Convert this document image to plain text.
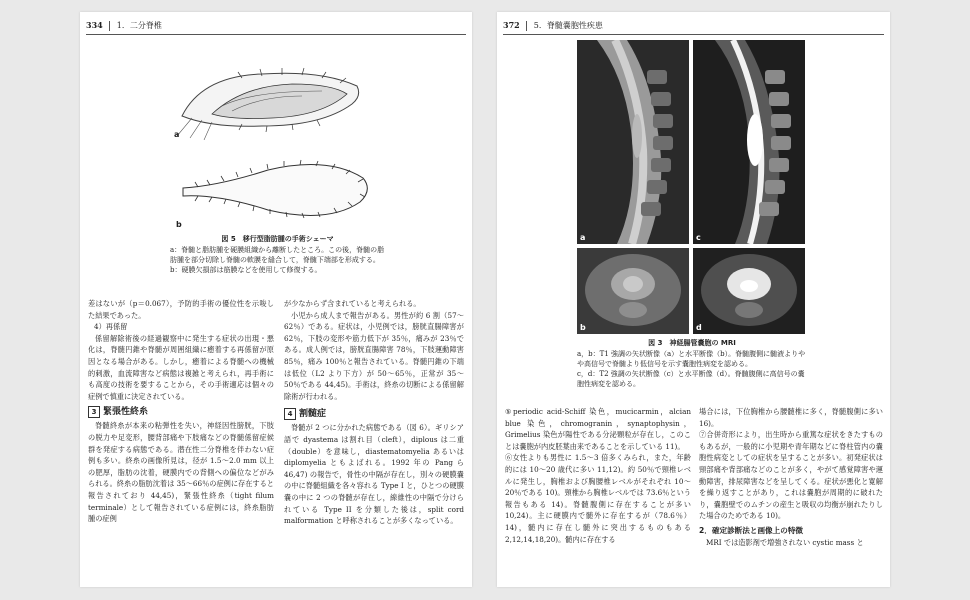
334 1．二分脊椎
a
b
図 5　移行型脂肪腫の手術シェーマ
a：脊髄と脂肪腫を硬膜組織から離断したところ。この後，脊髄の脂肪腫を部分切除し脊髄の軟膜を縫合して，脊髄下端部を形成する。
b：硬膜欠損部は筋膜などを使用して修復する。

差はないが（p＝0.067），予防的手術の優位性を示唆した結果であった。

4）再係留

係留解除術後の経過観察中に発生する症状の出現・悪化は，脊髄円錐や脊髄が周囲組織に癒着する再係留が原因となる場合がある。しかし，癒着による脊髄への機械的刺激，血流障害など病態は複雑と考えられ，再手術にも高度の技術を要することから，その手術適応は個々の症例で慎重に決定されている。

3 緊張性終糸

脊髄終糸が本来の粘弾性を失い，神経因性膀胱，下肢の脱力や足変形，腰背部痛や下肢痛などの脊髄係留症候群を発症する病態である。潜在性二分脊椎を伴わない症例も多い。終糸の画像所見は，径が 1.5〜2.0 mm 以上の肥厚，脂肪の沈着，硬膜内での背側への偏位などがみられる。終糸の脂肪沈着は 35〜66％の症例に存在すると報告されており 44,45)，緊張性終糸（tight filum terminale）として報告されている症例には，終糸脂肪腫の症例

が少なからず含まれていると考えられる。

小児から成人まで報告がある。男性が約 6 割（57〜62％）である。症状は，小児例では，膀胱直腸障害が 62％，下肢の変形や筋力低下が 35％，痛みが 23％である。成人例では，膀胱直腸障害 78％，下肢運動障害 85％，痛み 100％と報告されている。脊髄円錐の下端は低位（L2 より下方）が 50〜65％，正常が 35〜50％である 44,45)。手術は，終糸の切断による係留解除術が行われる。

4 割髄症

脊髄が 2 つに分かれた病態である（図 6）。ギリシア語で dyastema は割れ目（cleft），diplous は二重（double）を意味し，diastematomyelia あるいは diplomyelia ともよばれる。1992 年の Pang ら 46,47) の報告で，骨性の中隔が存在し，別々の硬膜嚢の中に脊髄組織を各々容れる Type I と，ひとつの硬膜嚢の中に 2 つの脊髄が存在し，線維性の中隔で分けられている Type II を分類した後は，split cord malformation と呼称されることが多くなっている。

372 5．脊髄嚢胞性疾患
a	c
b	d
図 3　神経腸管嚢胞の MRI
a，b：T1 強調の矢状断像（a）と水平断像（b）。脊髄腹側に髄液よりやや高信号で脊髄より低信号を示す嚢胞性病変を認める。
c，d：T2 強調の矢状断像（c）と水平断像（d）。脊髄腹側に高信号の嚢胞性病変を認める。

⑤periodic acid-Schiff 染色，mucicarmin，alcian blue 染色，chromogranin，synaptophysin，Grimelius 染色が陽性である分泌顆粒が存在し，このことは嚢胞が内皮胚葉由来であることを示している 11)。

⑥女性よりも男性に 1.5〜3 倍多くみられ，また，年齢的には 10〜20 歳代に多い 11,12)。約 50％で頸椎レベルに発生し，胸椎および胸腰椎レベルがそれぞれ 10〜20％である 10)。頸椎から胸椎レベルでは 73.6％という報告もある 14)。脊髄腹側に存在することが多い 10,24)。主に硬膜内で髄外に存在するが（78.6％）14)，髄内に存在し髄外に突出するものもある 2,12,14,18,20)。髄内に存在する

場合には，下位胸椎から腰髄椎に多く，脊髄腹側に多い 16)。

⑦合併奇形により，出生時から重篤な症状をきたすものもあるが，一般的に小児期や青年期などに脊柱管内の嚢胞性病変としての症状を呈することが多い。初発症状は頸部痛や背部痛などのことが多く，やがて感覚障害や運動障害，排尿障害などを呈してくる。症状が悪化と寛解を繰り返すことがあり，これは嚢胞が周期的に破れたり，嚢胞壁でのムチンの産生と吸収の均衡が崩れたりした場合のためである 10)。

2．確定診断法と画像上の特徴

MRI では造影剤で増強されない cystic mass と
